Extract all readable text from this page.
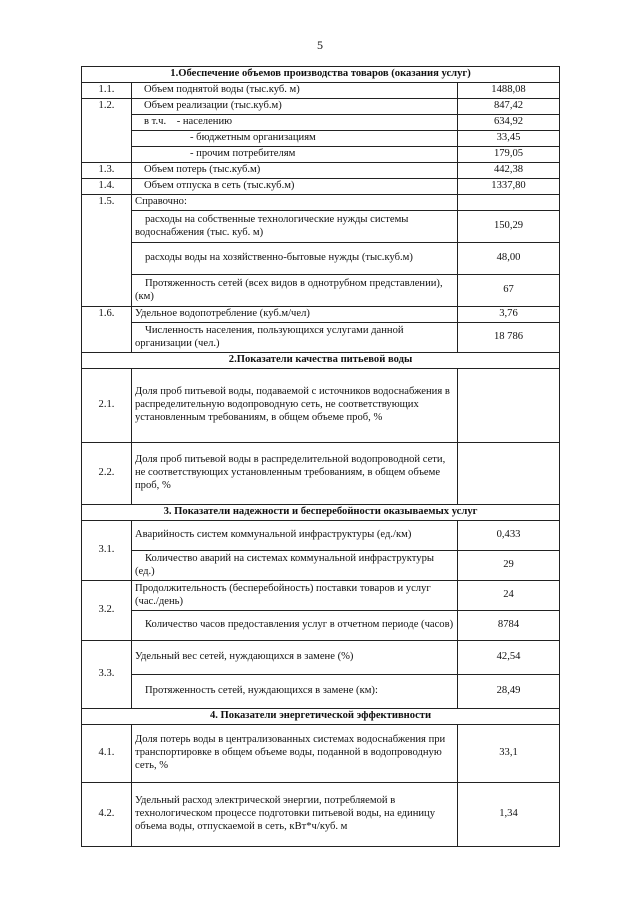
5
1.Обеспечение объемов производства товаров (оказания услуг)		
1.1.	Объем поднятой воды (тыс.куб. м)	1488,08
1.2.	Объем реализации (тыс.куб.м)	847,42
	в т.ч.    - населению	634,92
	- бюджетным организациям	33,45
	- прочим потребителям	179,05
1.3.	Объем потерь (тыс.куб.м)	442,38
1.4.	Объем отпуска в сеть (тыс.куб.м)	1337,80
1.5.	Справочно:	
	расходы на собственные технологические нужды системы водоснабжения (тыс. куб. м)	150,29
	расходы воды на хозяйственно-бытовые нужды (тыс.куб.м)	48,00
	Протяженность сетей (всех видов в однотрубном представлении), (км)	67
1.6.	Удельное водопотребление (куб.м/чел)	3,76
	Численность населения, пользующихся услугами данной организации (чел.)	18 786
2.Показатели качества питьевой воды		
2.1.	Доля проб питьевой воды, подаваемой с источников водоснабжения в распределительную водопроводную сеть, не соответствующих установленным требованиям, в общем объеме проб, %	
2.2.	Доля проб питьевой воды в распределительной водопроводной сети, не соответствующих установленным требованиям, в общем объеме проб, %	
3. Показатели надежности и бесперебойности оказываемых услуг		
3.1.	Аварийность систем коммунальной инфраструктуры (ед./км)	0,433
	Количество аварий на системах коммунальной инфраструктуры (ед.)	29
3.2.	Продолжительность (бесперебойность) поставки товаров и услуг (час./день)	24
	Количество часов предоставления услуг в отчетном периоде (часов)	8784
3.3.	Удельный вес сетей, нуждающихся в замене (%)	42,54
	Протяженность сетей, нуждающихся в замене (км):	28,49
4. Показатели энергетической эффективности		
4.1.	Доля потерь воды в централизованных системах водоснабжения при транспортировке в общем объеме воды, поданной в водопроводную сеть, %	33,1
4.2.	Удельный расход электрической энергии, потребляемой в технологическом процессе подготовки питьевой воды, на единицу объема воды, отпускаемой в сеть, кВт*ч/куб. м	1,34
